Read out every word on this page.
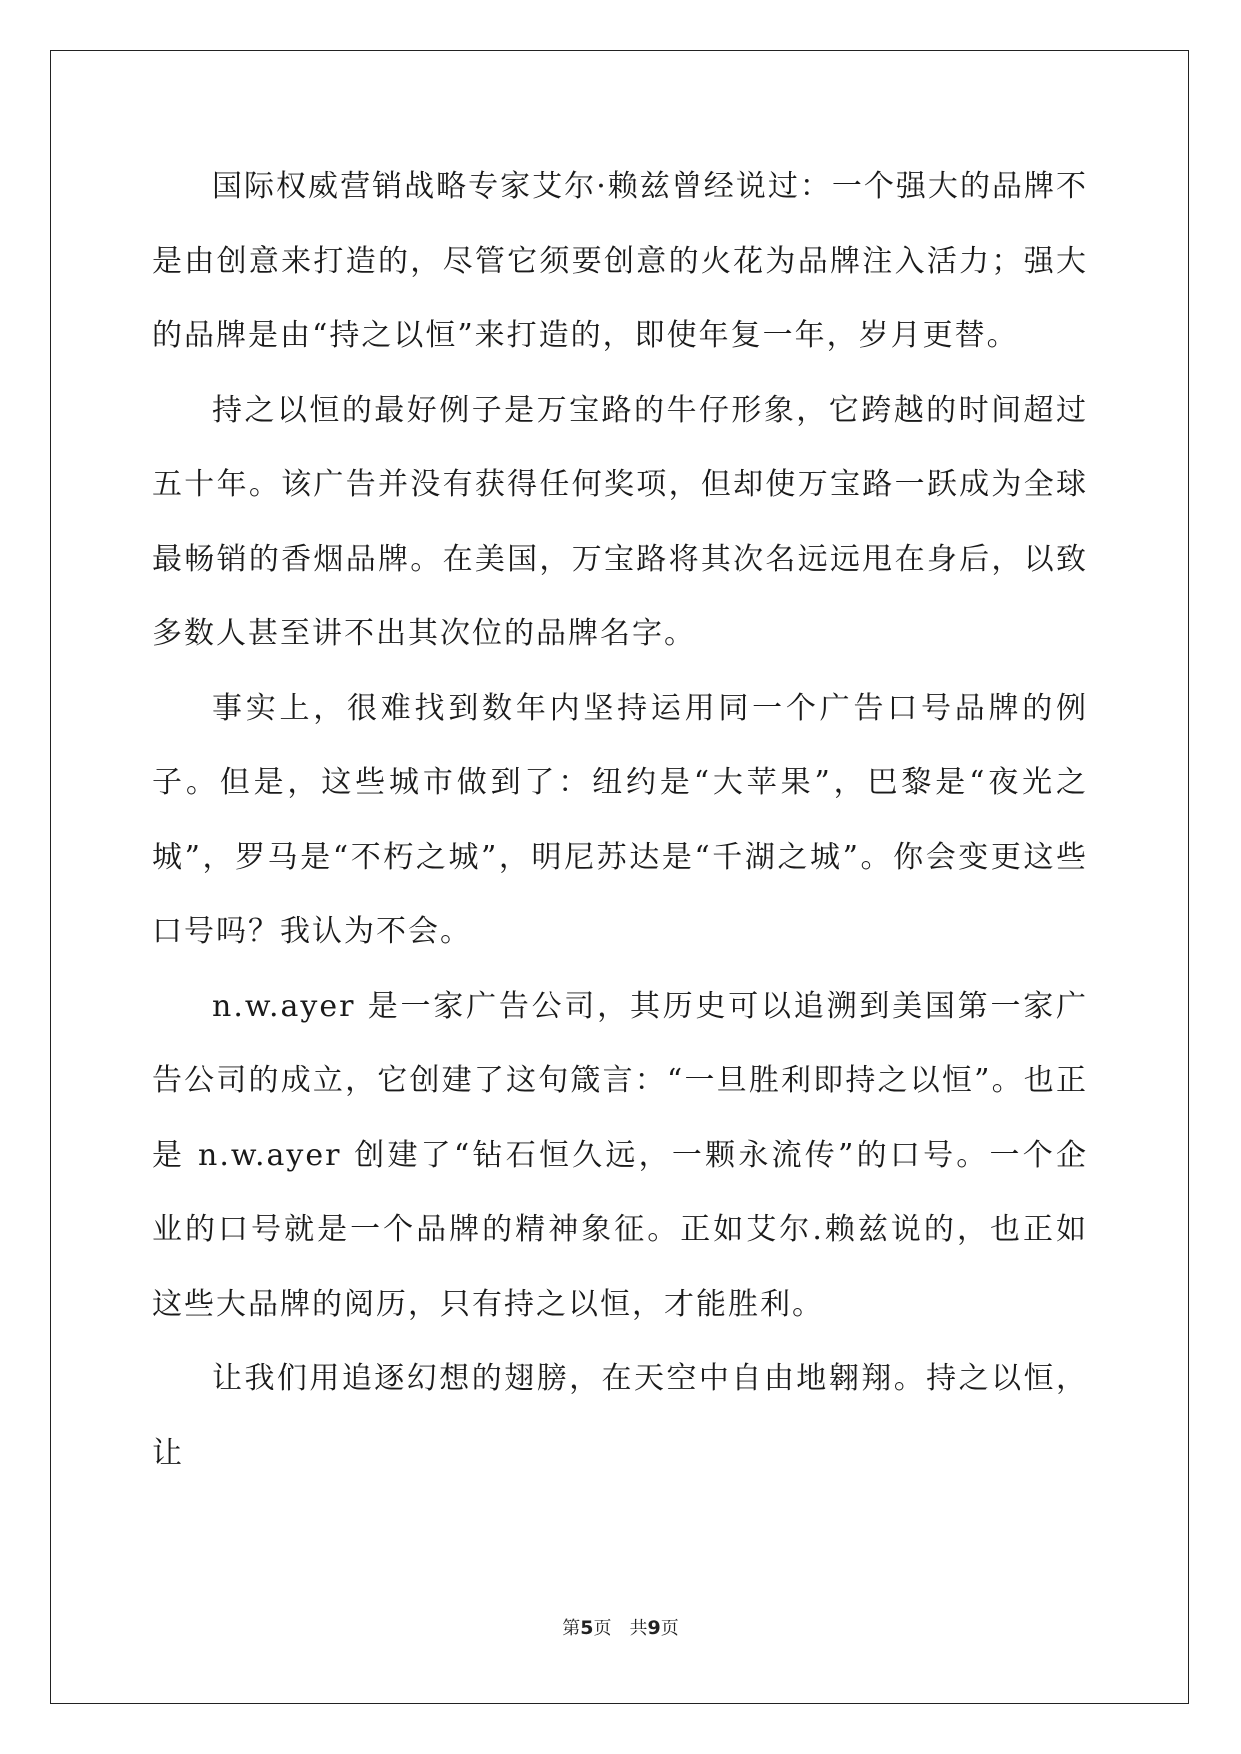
国际权威营销战略专家艾尔·赖兹曾经说过：一个强大的品牌不是由创意来打造的，尽管它须要创意的火花为品牌注入活力；强大的品牌是由“持之以恒”来打造的，即使年复一年，岁月更替。

持之以恒的最好例子是万宝路的牛仔形象，它跨越的时间超过五十年。该广告并没有获得任何奖项，但却使万宝路一跃成为全球最畅销的香烟品牌。在美国，万宝路将其次名远远甩在身后，以致多数人甚至讲不出其次位的品牌名字。

事实上，很难找到数年内坚持运用同一个广告口号品牌的例子。但是，这些城市做到了：纽约是“大苹果”，巴黎是“夜光之城”，罗马是“不朽之城”，明尼苏达是“千湖之城”。你会变更这些口号吗？我认为不会。

n.w.ayer 是一家广告公司，其历史可以追溯到美国第一家广告公司的成立，它创建了这句箴言：“一旦胜利即持之以恒”。也正是 n.w.ayer 创建了“钻石恒久远，一颗永流传”的口号。一个企业的口号就是一个品牌的精神象征。正如艾尔.赖兹说的，也正如这些大品牌的阅历，只有持之以恒，才能胜利。

让我们用追逐幻想的翅膀，在天空中自由地翱翔。持之以恒，让

第5页 共9页
